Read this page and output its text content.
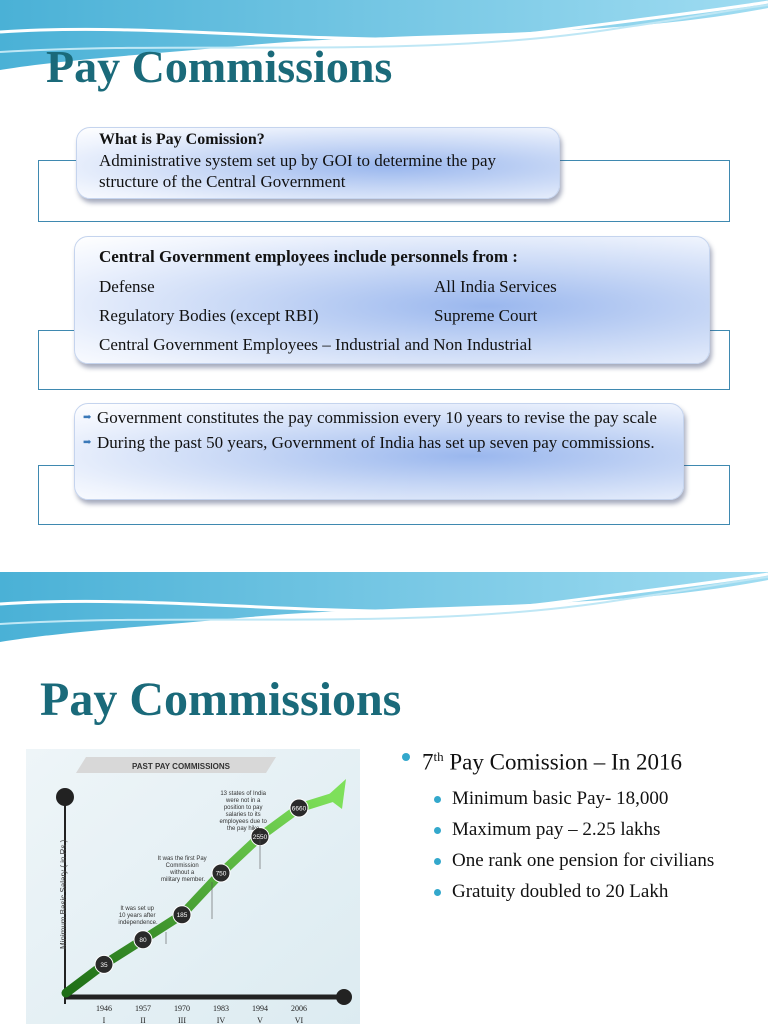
Pay Commissions
What is Pay Comission?
Administrative system set up by GOI to determine the pay structure of the Central Government
Central Government employees include personnels from :
Defense	All India Services
Regulatory Bodies (except RBI)	Supreme Court
Central Government Employees – Industrial and Non Industrial
➡ Government constitutes the pay commission every 10 years to revise the pay scale
➡ During the past 50 years, Government of India has set up seven pay commissions.
Pay Commissions
PAST PAY COMMISSIONS
Minimum Basic Salary ( in Rs )
35
80
185
750
2550
6660
1946
I
1957
II
1970
III
1983
IV
1994
V
2006
VI
It was set up 10 years after independence.
It was the first Pay Commission without a military member.
13 states of India were not in a position to pay salaries to its employees due to the pay hike.
7th Pay Comission – In 2016
Minimum basic Pay- 18,000
Maximum pay – 2.25 lakhs
One rank one pension for civilians
Gratuity doubled to 20 Lakh
